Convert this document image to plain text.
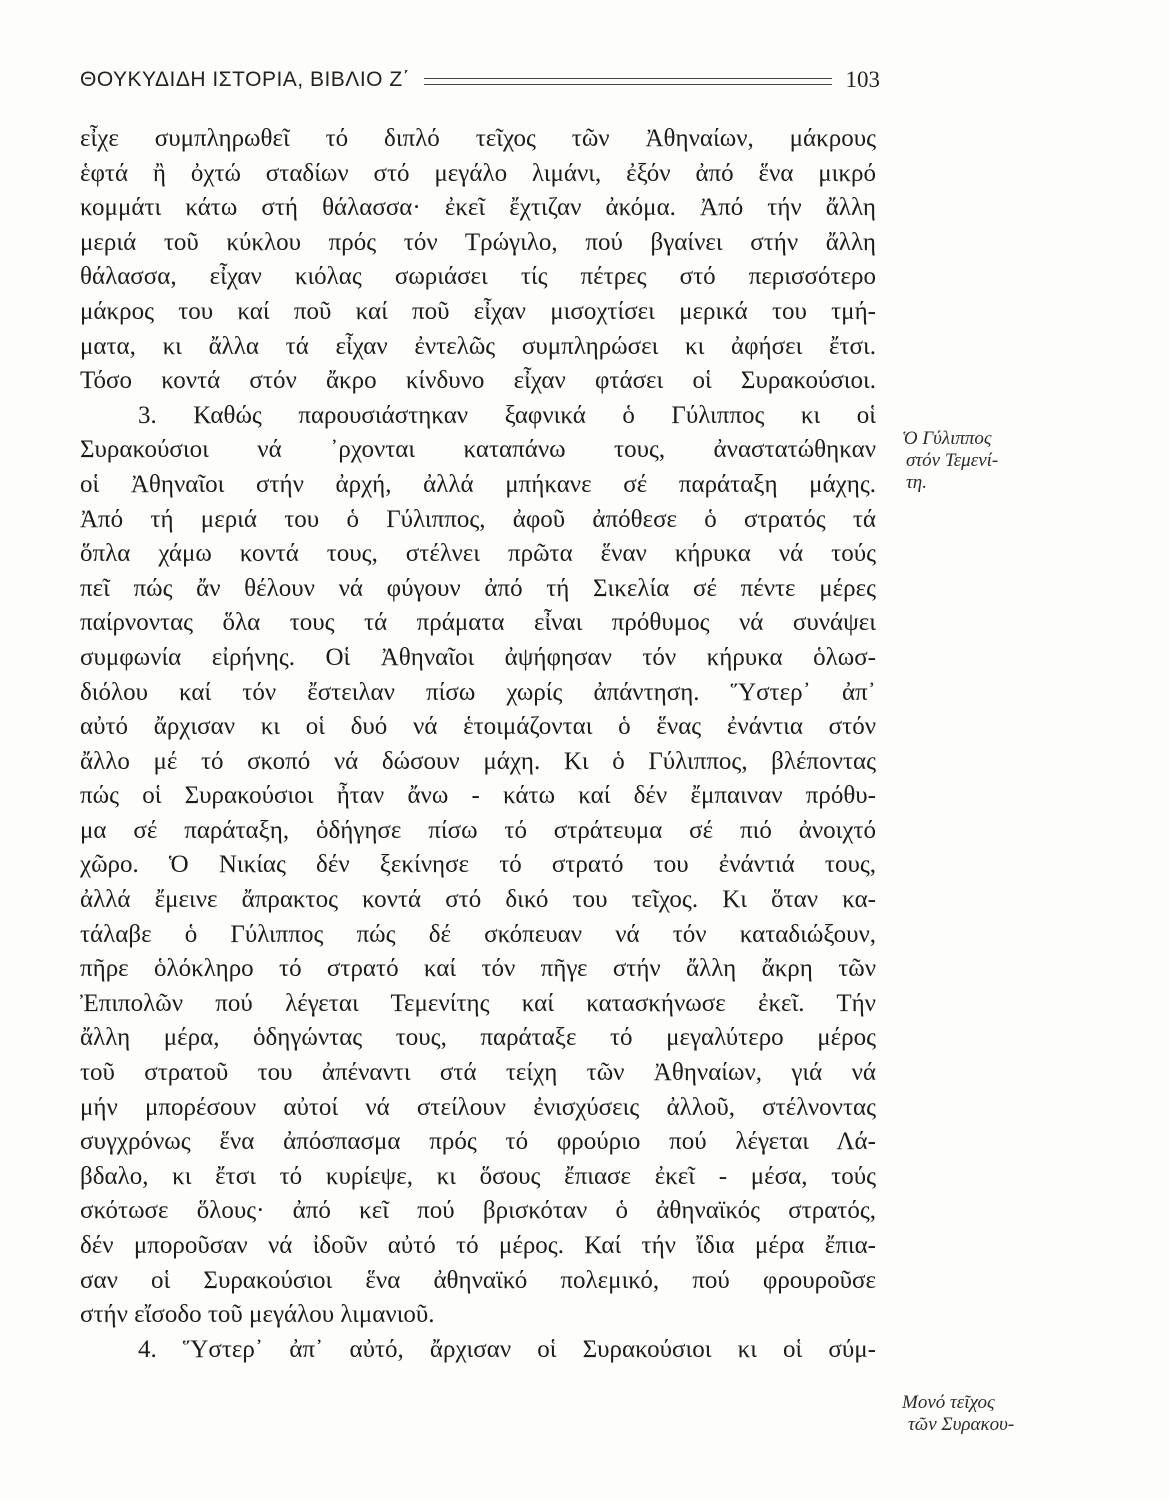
ΘΟΥΚΥΔΙΔΗ ΙΣΤΟΡΙΑ, ΒΙΒΛΙΟ Ζ΄	103
εἶχε συμπληρωθεῖ τό διπλό τεῖχος τῶν Ἀθηναίων, μάκρους
ἑφτά ἢ ὀχτώ σταδίων στό μεγάλο λιμάνι, ἐξόν ἀπό ἕνα μικρό
κομμάτι κάτω στή θάλασσα· ἐκεῖ ἔχτιζαν ἀκόμα. Ἀπό τήν ἄλλη
μεριά τοῦ κύκλου πρός τόν Τρώγιλο, πού βγαίνει στήν ἄλλη
θάλασσα, εἶχαν κιόλας σωριάσει τίς πέτρες στό περισσότερο
μάκρος του καί ποῦ καί ποῦ εἶχαν μισοχτίσει μερικά του τμή-
ματα, κι ἄλλα τά εἶχαν ἐντελῶς συμπληρώσει κι ἀφήσει ἔτσι.
Τόσο κοντά στόν ἄκρο κίνδυνο εἶχαν φτάσει οἱ Συρακούσιοι.
3. Καθώς παρουσιάστηκαν ξαφνικά ὁ Γύλιππος κι οἱ
Συρακούσιοι νά ᾽ρχονται καταπάνω τους, ἀναστατώθηκαν
οἱ Ἀθηναῖοι στήν ἀρχή, ἀλλά μπήκανε σέ παράταξη μάχης.
Ἀπό τή μεριά του ὁ Γύλιππος, ἀφοῦ ἀπόθεσε ὁ στρατός τά
ὅπλα χάμω κοντά τους, στέλνει πρῶτα ἕναν κήρυκα νά τούς
πεῖ πώς ἄν θέλουν νά φύγουν ἀπό τή Σικελία σέ πέντε μέρες
παίρνοντας ὅλα τους τά πράματα εἶναι πρόθυμος νά συνάψει
συμφωνία εἰρήνης. Οἱ Ἀθηναῖοι ἀψήφησαν τόν κήρυκα ὁλωσ-
διόλου καί τόν ἔστειλαν πίσω χωρίς ἀπάντηση. Ὕστερ᾽ ἀπ᾽
αὐτό ἄρχισαν κι οἱ δυό νά ἑτοιμάζονται ὁ ἕνας ἐνάντια στόν
ἄλλο μέ τό σκοπό νά δώσουν μάχη. Κι ὁ Γύλιππος, βλέποντας
πώς οἱ Συρακούσιοι ἦταν ἄνω - κάτω καί δέν ἔμπαιναν πρόθυ-
μα σέ παράταξη, ὁδήγησε πίσω τό στράτευμα σέ πιό ἀνοιχτό
χῶρο. Ὁ Νικίας δέν ξεκίνησε τό στρατό του ἐνάντιά τους,
ἀλλά ἔμεινε ἄπρακτος κοντά στό δικό του τεῖχος. Κι ὅταν κα-
τάλαβε ὁ Γύλιππος πώς δέ σκόπευαν νά τόν καταδιώξουν,
πῆρε ὁλόκληρο τό στρατό καί τόν πῆγε στήν ἄλλη ἄκρη τῶν
Ἐπιπολῶν πού λέγεται Τεμενίτης καί κατασκήνωσε ἐκεῖ. Τήν
ἄλλη μέρα, ὁδηγώντας τους, παράταξε τό μεγαλύτερο μέρος
τοῦ στρατοῦ του ἀπέναντι στά τείχη τῶν Ἀθηναίων, γιά νά
μήν μπορέσουν αὐτοί νά στείλουν ἐνισχύσεις ἀλλοῦ, στέλνοντας
συγχρόνως ἕνα ἀπόσπασμα πρός τό φρούριο πού λέγεται Λά-
βδαλο, κι ἔτσι τό κυρίεψε, κι ὅσους ἔπιασε ἐκεῖ - μέσα, τούς
σκότωσε ὅλους· ἀπό κεῖ πού βρισκόταν ὁ ἀθηναϊκός στρατός,
δέν μποροῦσαν νά ἰδοῦν αὐτό τό μέρος. Καί τήν ἴδια μέρα ἔπια-
σαν οἱ Συρακούσιοι ἕνα ἀθηναϊκό πολεμικό, πού φρουροῦσε
στήν εἴσοδο τοῦ μεγάλου λιμανιοῦ.
4. Ὕστερ᾽ ἀπ᾽ αὐτό, ἄρχισαν οἱ Συρακούσιοι κι οἱ σύμ-
Ὁ Γύλιππος
στόν Τεμενί-
τη.
Μονό τεῖχος
τῶν Συρακου-
